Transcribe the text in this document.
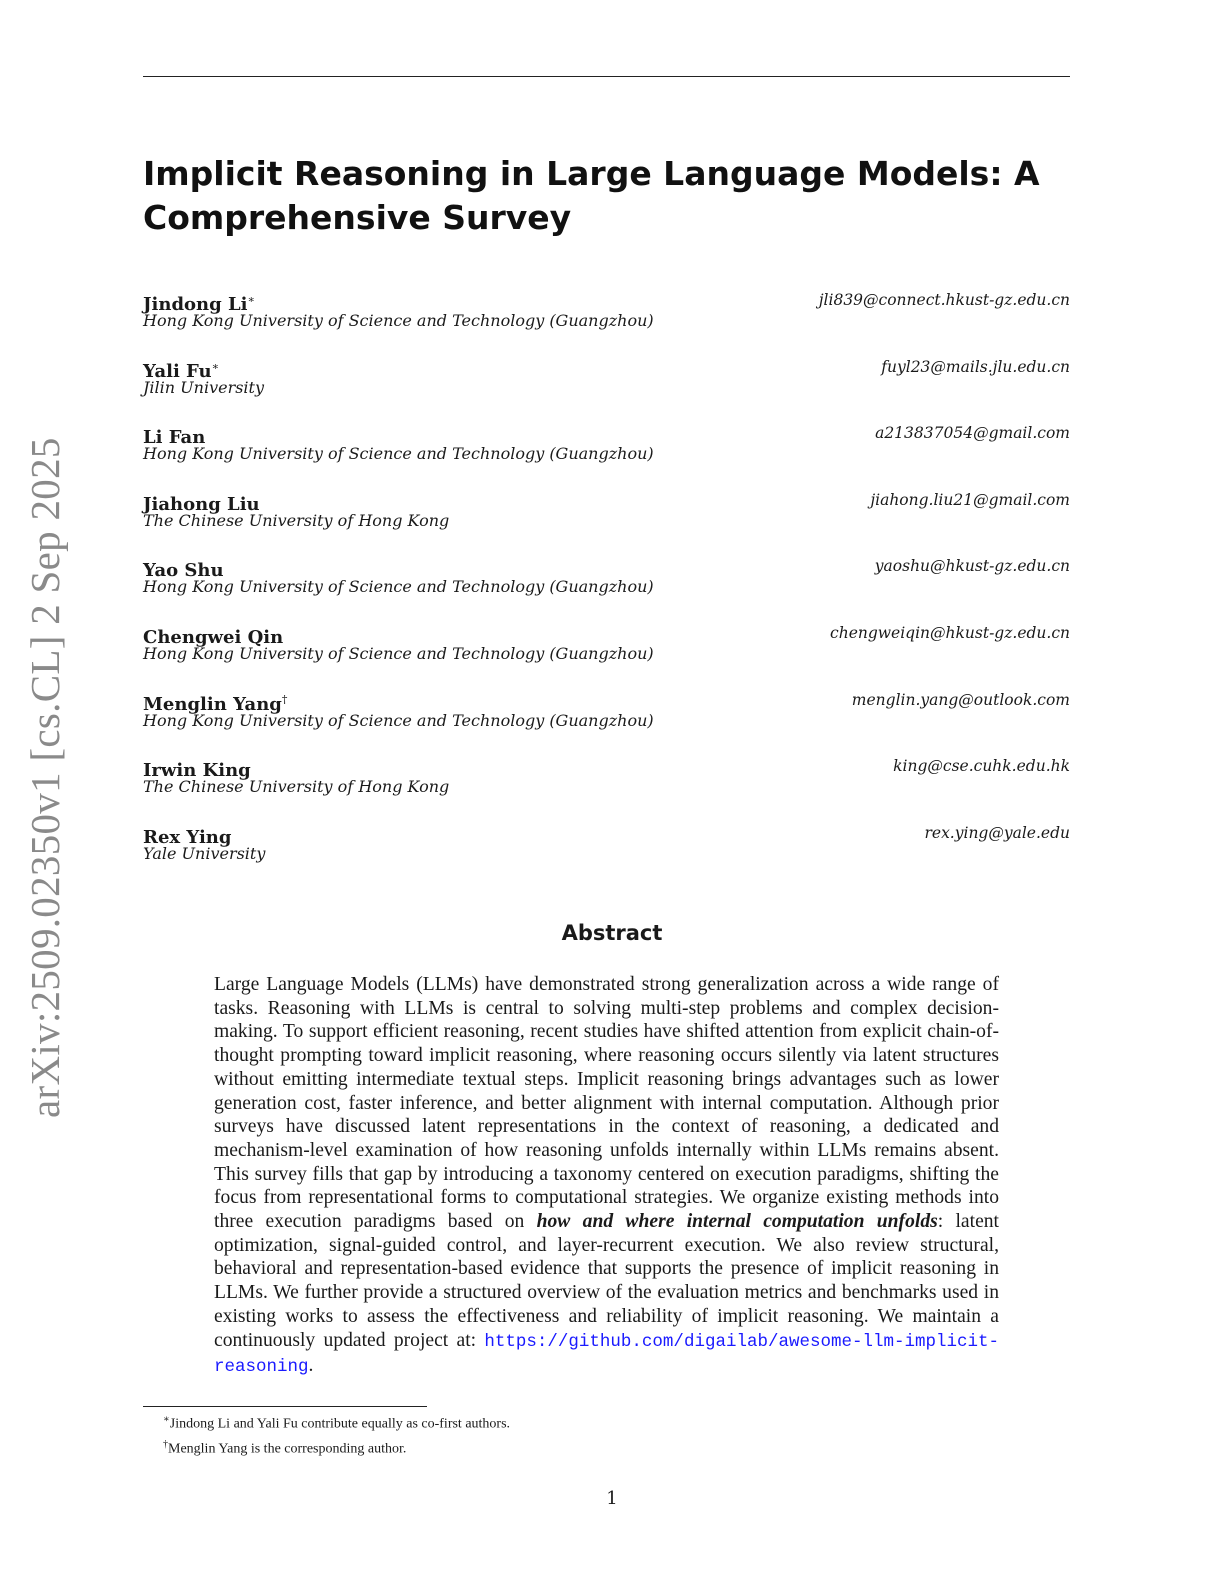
Implicit Reasoning in Large Language Models: A Comprehensive Survey
arXiv:2509.02350v1 [cs.CL] 2 Sep 2025
Jindong Li∗
Hong Kong University of Science and Technology (Guangzhou)
jli839@connect.hkust-gz.edu.cn
Yali Fu∗
Jilin University
fuyl23@mails.jlu.edu.cn
Li Fan
Hong Kong University of Science and Technology (Guangzhou)
a213837054@gmail.com
Jiahong Liu
The Chinese University of Hong Kong
jiahong.liu21@gmail.com
Yao Shu
Hong Kong University of Science and Technology (Guangzhou)
yaoshu@hkust-gz.edu.cn
Chengwei Qin
Hong Kong University of Science and Technology (Guangzhou)
chengweiqin@hkust-gz.edu.cn
Menglin Yang†
Hong Kong University of Science and Technology (Guangzhou)
menglin.yang@outlook.com
Irwin King
The Chinese University of Hong Kong
king@cse.cuhk.edu.hk
Rex Ying
Yale University
rex.ying@yale.edu
Abstract

Large Language Models (LLMs) have demonstrated strong generalization across a wide range of tasks. Reasoning with LLMs is central to solving multi-step problems and complex decision-making. To support efficient reasoning, recent studies have shifted attention from explicit chain-of-thought prompting toward implicit reasoning, where reasoning occurs silently via latent structures without emitting intermediate textual steps. Implicit reasoning brings advantages such as lower generation cost, faster inference, and better alignment with internal computation. Although prior surveys have discussed latent representations in the context of reasoning, a dedicated and mechanism-level examination of how reasoning unfolds internally within LLMs remains absent. This survey fills that gap by introducing a taxonomy centered on execution paradigms, shifting the focus from representational forms to computational strategies. We organize existing methods into three execution paradigms based on how and where internal computation unfolds: latent optimization, signal-guided control, and layer-recurrent execution. We also review structural, behavioral and representation-based evidence that supports the presence of implicit reasoning in LLMs. We further provide a structured overview of the evaluation metrics and benchmarks used in existing works to assess the effectiveness and reliability of implicit reasoning. We maintain a continuously updated project at: https://github.com/digailab/awesome-llm-implicit-reasoning.

∗Jindong Li and Yali Fu contribute equally as co-first authors.
†Menglin Yang is the corresponding author.
1
